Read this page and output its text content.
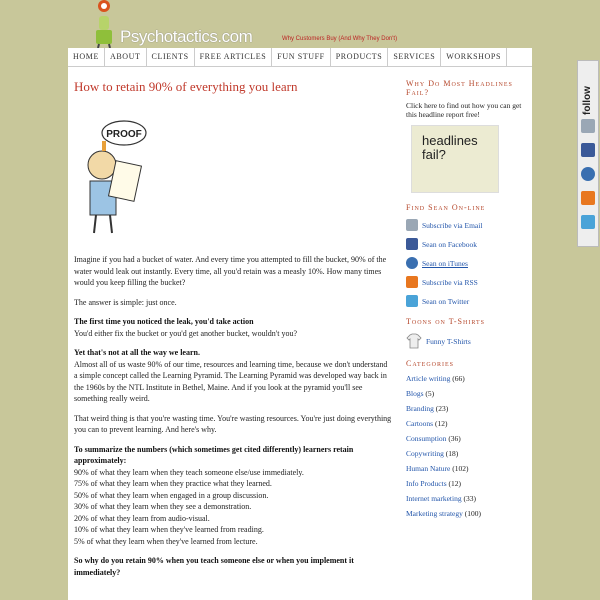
Psychotactics.com	Why Customers Buy (And Why They Don't)
HOME	ABOUT	CLIENTS	FREE ARTICLES	FUN STUFF	PRODUCTS	SERVICES	WORKSHOPS
How to retain 90% of everything you learn
PROOF

Imagine if you had a bucket of water. And every time you attempted to fill the bucket, 90% of the water would leak out instantly. Every time, all you'd retain was a measly 10%. How many times would you keep filling the bucket?

The answer is simple: just once.

The first time you noticed the leak, you'd take action

You'd either fix the bucket or you'd get another bucket, wouldn't you?

Yet that's not at all the way we learn.

Almost all of us waste 90% of our time, resources and learning time, because we don't understand a simple concept called the Learning Pyramid. The Learning Pyramid was developed way back in the 1960s by the NTL Institute in Bethel, Maine. And if you look at the pyramid you'll see something really weird.

That weird thing is that you're wasting time. You're wasting resources. You're just doing everything you can to prevent learning. And here's why.

To summarize the numbers (which sometimes get cited differently) learners retain approximately:
90% of what they learn when they teach someone else/use immediately.
75% of what they learn when they practice what they learned.
50% of what they learn when engaged in a group discussion.
30% of what they learn when they see a demonstration.
20% of what they learn from audio-visual.
10% of what they learn when they've learned from reading.
5% of what they learn when they've learned from lecture.
So why do you retain 90% when you teach someone else or when you implement it immediately?
Why Do Most Headlines Fail?
Click here to find out how you can get this headline report free!
headlines fail?
Find Sean On-line
Subscribe via Email
Sean on Facebook
Sean on iTunes
Subscribe via RSS
Sean on Twitter
Toons on T-Shirts
Funny T-Shirts
Categories
Article writing (66)
Blogs (5)
Branding (23)
Cartoons (12)
Consumption (36)
Copywriting (18)
Human Nature (102)
Info Products (12)
Internet marketing (33)
Marketing strategy (100)
follow
